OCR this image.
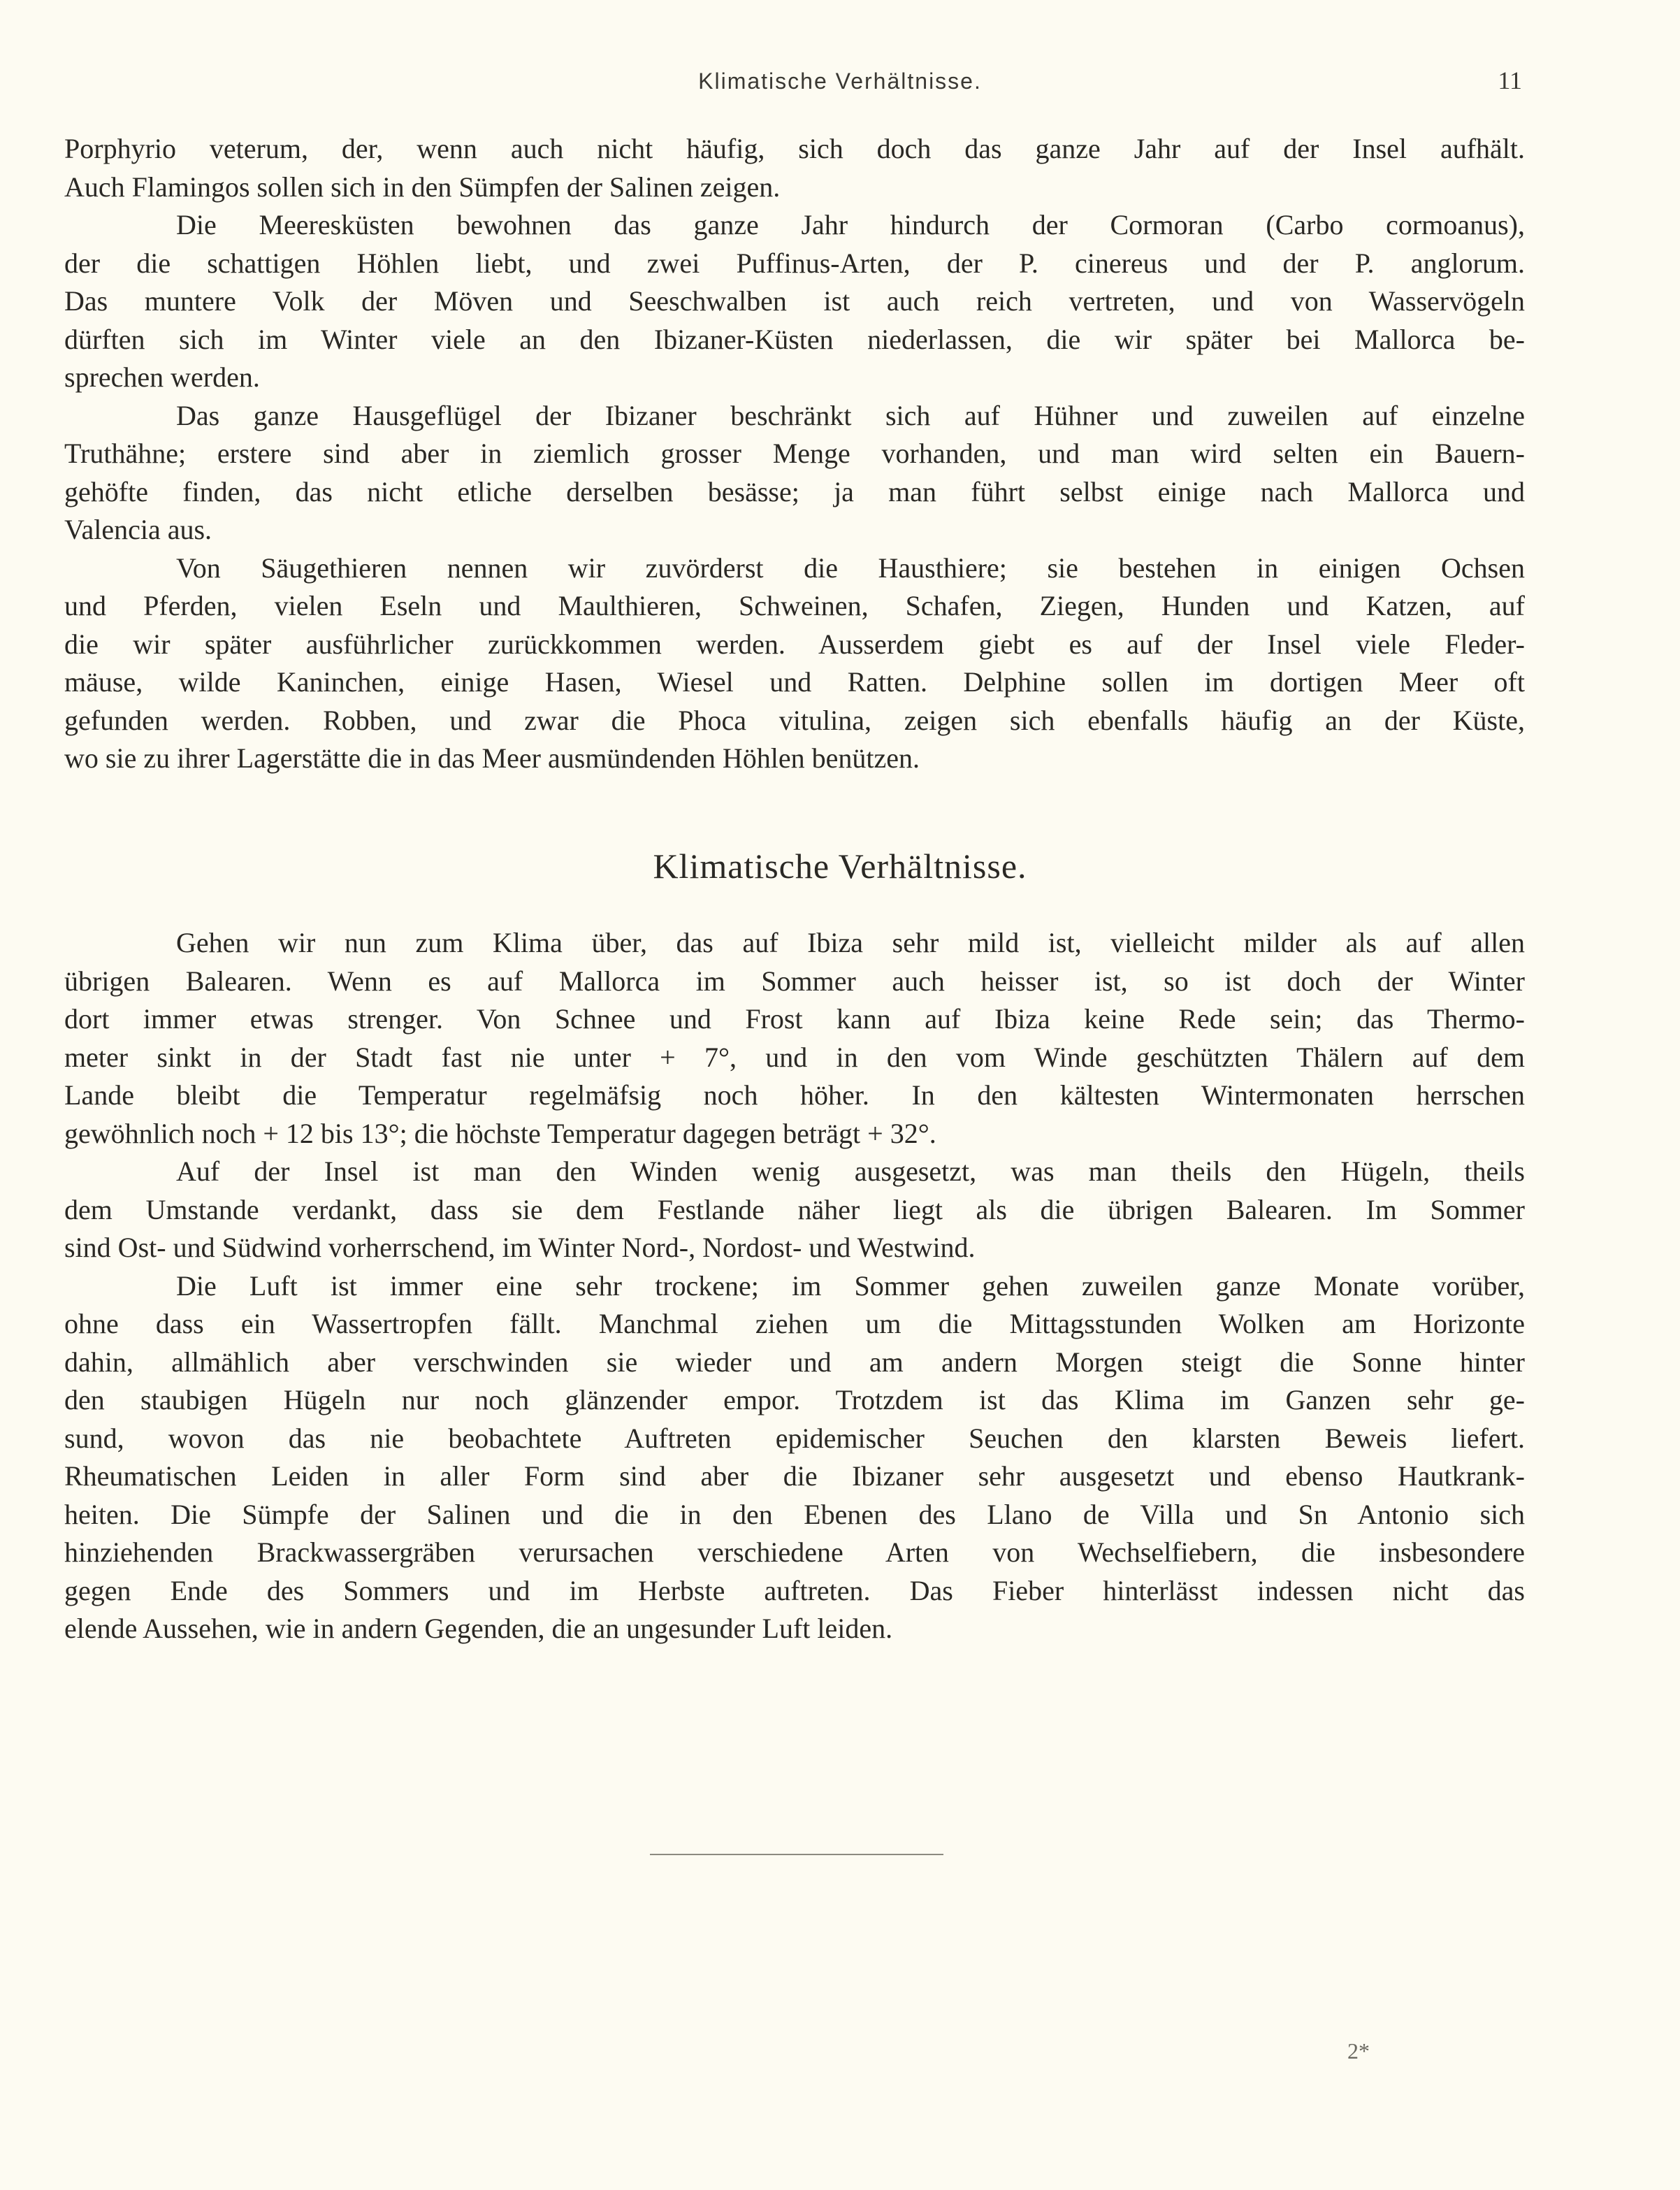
Klimatische Verhältnisse.	11

Porphyrio veterum, der, wenn auch nicht häufig, sich doch das ganze Jahr auf der Insel aufhält.
Auch Flamingos sollen sich in den Sümpfen der Salinen zeigen.

Die Meeresküsten bewohnen das ganze Jahr hindurch der Cormoran (Carbo cormoanus),
der die schattigen Höhlen liebt, und zwei Puffinus-Arten, der P. cinereus und der P. anglorum.
Das muntere Volk der Möven und Seeschwalben ist auch reich vertreten, und von Wasservögeln
dürften sich im Winter viele an den Ibizaner-Küsten niederlassen, die wir später bei Mallorca be-
sprechen werden.

Das ganze Hausgeflügel der Ibizaner beschränkt sich auf Hühner und zuweilen auf einzelne
Truthähne; erstere sind aber in ziemlich grosser Menge vorhanden, und man wird selten ein Bauern-
gehöfte finden, das nicht etliche derselben besässe; ja man führt selbst einige nach Mallorca und
Valencia aus.

Von Säugethieren nennen wir zuvörderst die Hausthiere; sie bestehen in einigen Ochsen
und Pferden, vielen Eseln und Maulthieren, Schweinen, Schafen, Ziegen, Hunden und Katzen, auf
die wir später ausführlicher zurückkommen werden. Ausserdem giebt es auf der Insel viele Fleder-
mäuse, wilde Kaninchen, einige Hasen, Wiesel und Ratten. Delphine sollen im dortigen Meer oft
gefunden werden. Robben, und zwar die Phoca vitulina, zeigen sich ebenfalls häufig an der Küste,
wo sie zu ihrer Lagerstätte die in das Meer ausmündenden Höhlen benützen.

Klimatische Verhältnisse.

Gehen wir nun zum Klima über, das auf Ibiza sehr mild ist, vielleicht milder als auf allen
übrigen Balearen. Wenn es auf Mallorca im Sommer auch heisser ist, so ist doch der Winter
dort immer etwas strenger. Von Schnee und Frost kann auf Ibiza keine Rede sein; das Thermo-
meter sinkt in der Stadt fast nie unter + 7°, und in den vom Winde geschützten Thälern auf dem
Lande bleibt die Temperatur regelmäfsig noch höher. In den kältesten Wintermonaten herrschen
gewöhnlich noch + 12 bis 13°; die höchste Temperatur dagegen beträgt + 32°.

Auf der Insel ist man den Winden wenig ausgesetzt, was man theils den Hügeln, theils
dem Umstande verdankt, dass sie dem Festlande näher liegt als die übrigen Balearen. Im Sommer
sind Ost- und Südwind vorherrschend, im Winter Nord-, Nordost- und Westwind.

Die Luft ist immer eine sehr trockene; im Sommer gehen zuweilen ganze Monate vorüber,
ohne dass ein Wassertropfen fällt. Manchmal ziehen um die Mittagsstunden Wolken am Horizonte
dahin, allmählich aber verschwinden sie wieder und am andern Morgen steigt die Sonne hinter
den staubigen Hügeln nur noch glänzender empor. Trotzdem ist das Klima im Ganzen sehr ge-
sund, wovon das nie beobachtete Auftreten epidemischer Seuchen den klarsten Beweis liefert.
Rheumatischen Leiden in aller Form sind aber die Ibizaner sehr ausgesetzt und ebenso Hautkrank-
heiten. Die Sümpfe der Salinen und die in den Ebenen des Llano de Villa und Sn Antonio sich
hinziehenden Brackwassergräben verursachen verschiedene Arten von Wechselfiebern, die insbesondere
gegen Ende des Sommers und im Herbste auftreten. Das Fieber hinterlässt indessen nicht das
elende Aussehen, wie in andern Gegenden, die an ungesunder Luft leiden.

2*
